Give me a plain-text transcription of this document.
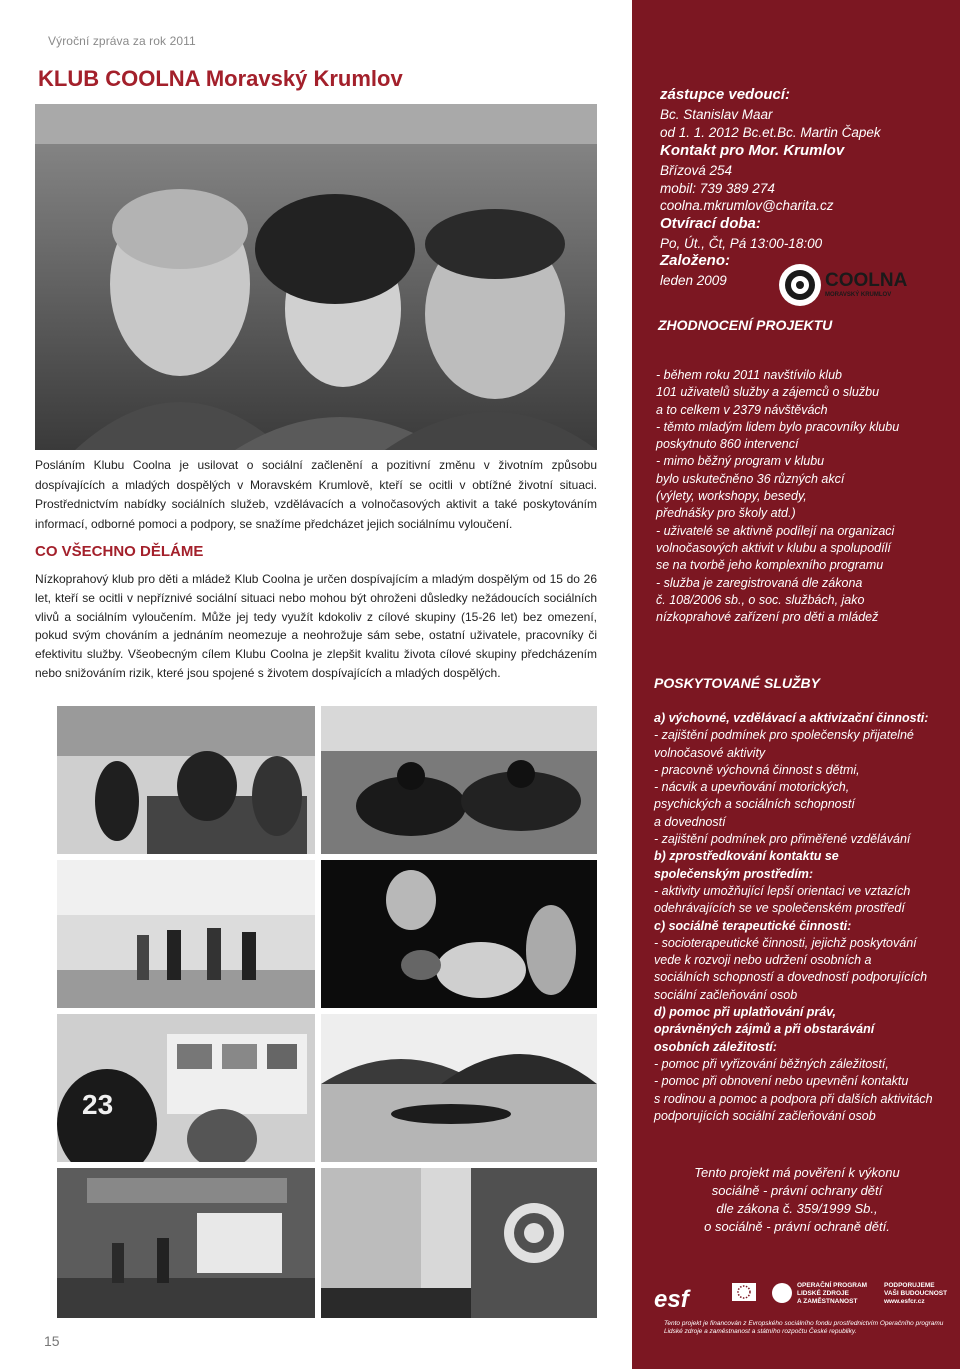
Výroční zpráva za rok 2011
KLUB COOLNA Moravský Krumlov

Posláním Klubu Coolna je usilovat o sociální začlenění a pozitivní změnu v životním způsobu dospívajících a mladých dospělých v Moravském Krumlově, kteří se ocitli v obtížné životní situaci. Prostřednictvím nabídky sociálních služeb, vzdělávacích a volnočasových aktivit a také poskytováním informací, odborné pomoci a podpory, se snažíme předcházet jejich sociálnímu vyloučení.

CO VŠECHNO DĚLÁME

Nízkoprahový klub pro děti a mládež Klub Coolna je určen dospívajícím a mladým dospělým od 15 do 26 let, kteří se ocitli v nepříznivé sociální situaci nebo mohou být ohroženi důsledky nežádoucích sociálních vlivů a sociálním vyloučením. Může jej tedy využít kdokoliv z cílové skupiny (15-26 let) bez omezení, pokud svým chováním a jednáním neomezuje a neohrožuje sám sebe, ostatní uživatele, pracovníky či efektivitu služby. Všeobecným cílem Klubu Coolna je zlepšit kvalitu života cílové skupiny předcházením nebo snižováním rizik, které jsou spojené s životem dospívajících a mladých dospělých.

23
15
zástupce vedoucí:
Bc. Stanislav Maar
od 1. 1. 2012 Bc.et.Bc. Martin Čapek
Kontakt pro Mor. Krumlov
Břízová 254
mobil: 739 389 274
coolna.mkrumlov@charita.cz
Otvírací doba:
Po, Út., Čt, Pá 13:00-18:00
Založeno:
leden 2009	COOLNA
MORAVSKÝ KRUMLOV
ZHODNOCENÍ PROJEKTU
- během roku 2011 navštívilo klub
101 uživatelů služby a zájemců o službu
a to celkem v 2379 návštěvách
- těmto mladým lidem bylo pracovníky klubu
poskytnuto 860 intervencí
- mimo běžný program v klubu
bylo uskutečněno 36 různých akcí
(výlety, workshopy, besedy,
přednášky pro školy atd.)
- uživatelé se aktivně podílejí na organizaci
volnočasových aktivit v klubu a spolupodílí
se na tvorbě jeho komplexního programu
- služba je zaregistrovaná dle zákona
č. 108/2006 sb., o soc. službách, jako
nízkoprahové zařízení pro děti a mládež
POSKYTOVANÉ SLUŽBY
a) výchovné, vzdělávací a aktivizační činnosti:
- zajištění podmínek pro společensky přijatelné
volnočasové aktivity
- pracovně výchovná činnost s dětmi,
- nácvik a upevňování motorických,
psychických a sociálních schopností
a dovedností
- zajištění podmínek pro přiměřené vzdělávání
b) zprostředkování kontaktu se
společenským prostředím:
- aktivity umožňující lepší orientaci ve vztazích
odehrávajících se ve společenském prostředí
c) sociálně terapeutické činnosti:
- socioterapeutické činnosti, jejichž poskytování
vede k rozvoji nebo udržení osobních a
sociálních schopností a dovedností podporujících
sociální začleňování osob
d) pomoc při uplatňování práv,
oprávněných zájmů a při obstarávání
osobních záležitostí:
- pomoc při vyřizování běžných záležitostí,
- pomoc při obnovení nebo upevnění kontaktu
s rodinou a pomoc a podpora při dalších aktivitách
podporujících sociální začleňování osob
Tento projekt má pověření k výkonu
sociálně - právní ochrany dětí
dle zákona č. 359/1999 Sb.,
o sociálně - právní ochraně dětí.
esf
OPERAČNÍ PROGRAM LIDSKÉ ZDROJE A ZAMĚSTNANOST
PODPORUJEME VAŠI BUDOUCNOST www.esfcr.cz
Tento projekt je financován z Evropského sociálního fondu prostřednictvím Operačního programu Lidské zdroje a zaměstnanost a státního rozpočtu České republiky.
